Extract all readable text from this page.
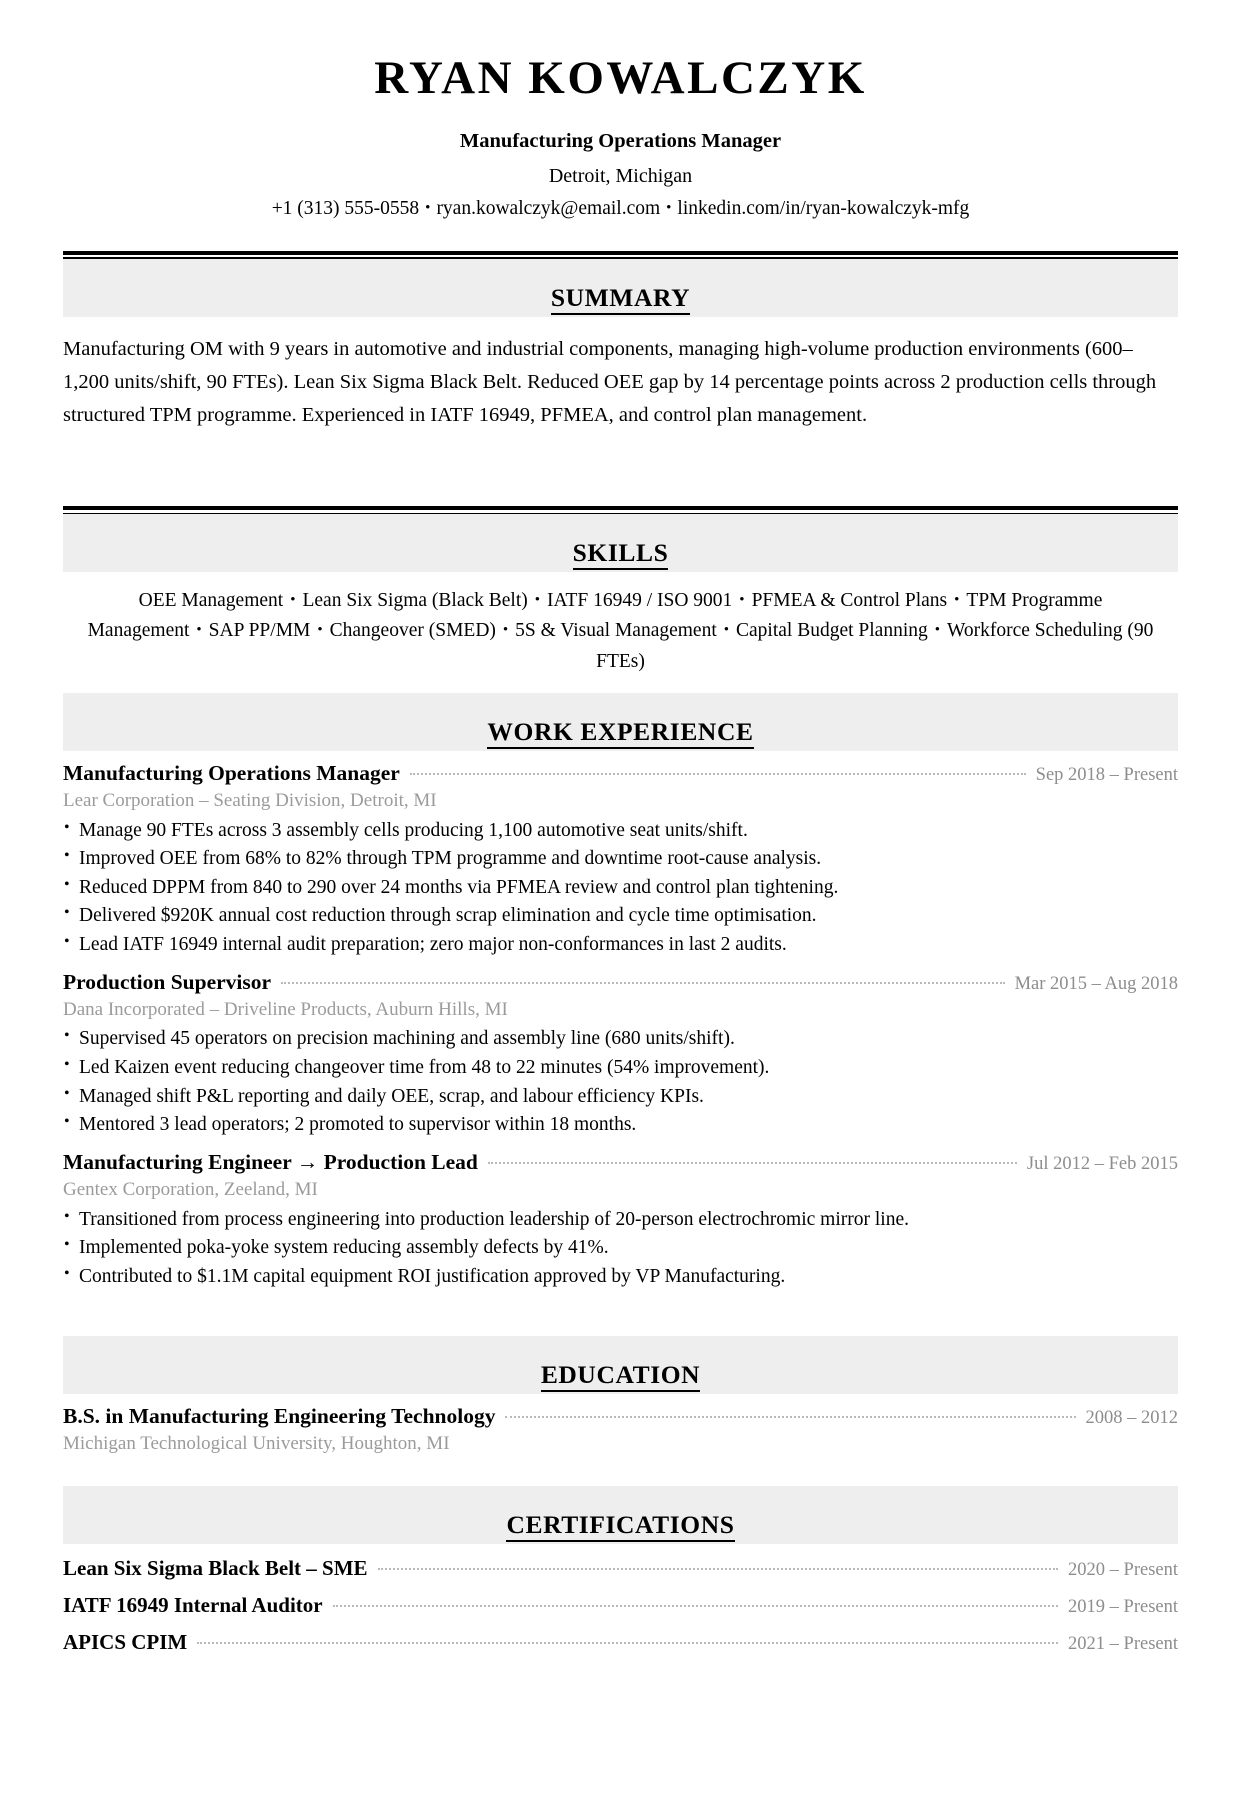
RYAN KOWALCZYK
Manufacturing Operations Manager
Detroit, Michigan
+1 (313) 555-0558 • ryan.kowalczyk@email.com • linkedin.com/in/ryan-kowalczyk-mfg
SUMMARY
Manufacturing OM with 9 years in automotive and industrial components, managing high-volume production environments (600–1,200 units/shift, 90 FTEs). Lean Six Sigma Black Belt. Reduced OEE gap by 14 percentage points across 2 production cells through structured TPM programme. Experienced in IATF 16949, PFMEA, and control plan management.
SKILLS
OEE Management • Lean Six Sigma (Black Belt) • IATF 16949 / ISO 9001 • PFMEA & Control Plans • TPM Programme Management • SAP PP/MM • Changeover (SMED) • 5S & Visual Management • Capital Budget Planning • Workforce Scheduling (90 FTEs)
WORK EXPERIENCE
Manufacturing Operations Manager	Sep 2018 – Present
Lear Corporation – Seating Division, Detroit, MI
• Manage 90 FTEs across 3 assembly cells producing 1,100 automotive seat units/shift.
• Improved OEE from 68% to 82% through TPM programme and downtime root-cause analysis.
• Reduced DPPM from 840 to 290 over 24 months via PFMEA review and control plan tightening.
• Delivered $920K annual cost reduction through scrap elimination and cycle time optimisation.
• Lead IATF 16949 internal audit preparation; zero major non-conformances in last 2 audits.
Production Supervisor	Mar 2015 – Aug 2018
Dana Incorporated – Driveline Products, Auburn Hills, MI
• Supervised 45 operators on precision machining and assembly line (680 units/shift).
• Led Kaizen event reducing changeover time from 48 to 22 minutes (54% improvement).
• Managed shift P&L reporting and daily OEE, scrap, and labour efficiency KPIs.
• Mentored 3 lead operators; 2 promoted to supervisor within 18 months.
Manufacturing Engineer → Production Lead	Jul 2012 – Feb 2015
Gentex Corporation, Zeeland, MI
• Transitioned from process engineering into production leadership of 20-person electrochromic mirror line.
• Implemented poka-yoke system reducing assembly defects by 41%.
• Contributed to $1.1M capital equipment ROI justification approved by VP Manufacturing.
EDUCATION
B.S. in Manufacturing Engineering Technology	2008 – 2012
Michigan Technological University, Houghton, MI
CERTIFICATIONS
Lean Six Sigma Black Belt – SME	2020 – Present
IATF 16949 Internal Auditor	2019 – Present
APICS CPIM	2021 – Present
